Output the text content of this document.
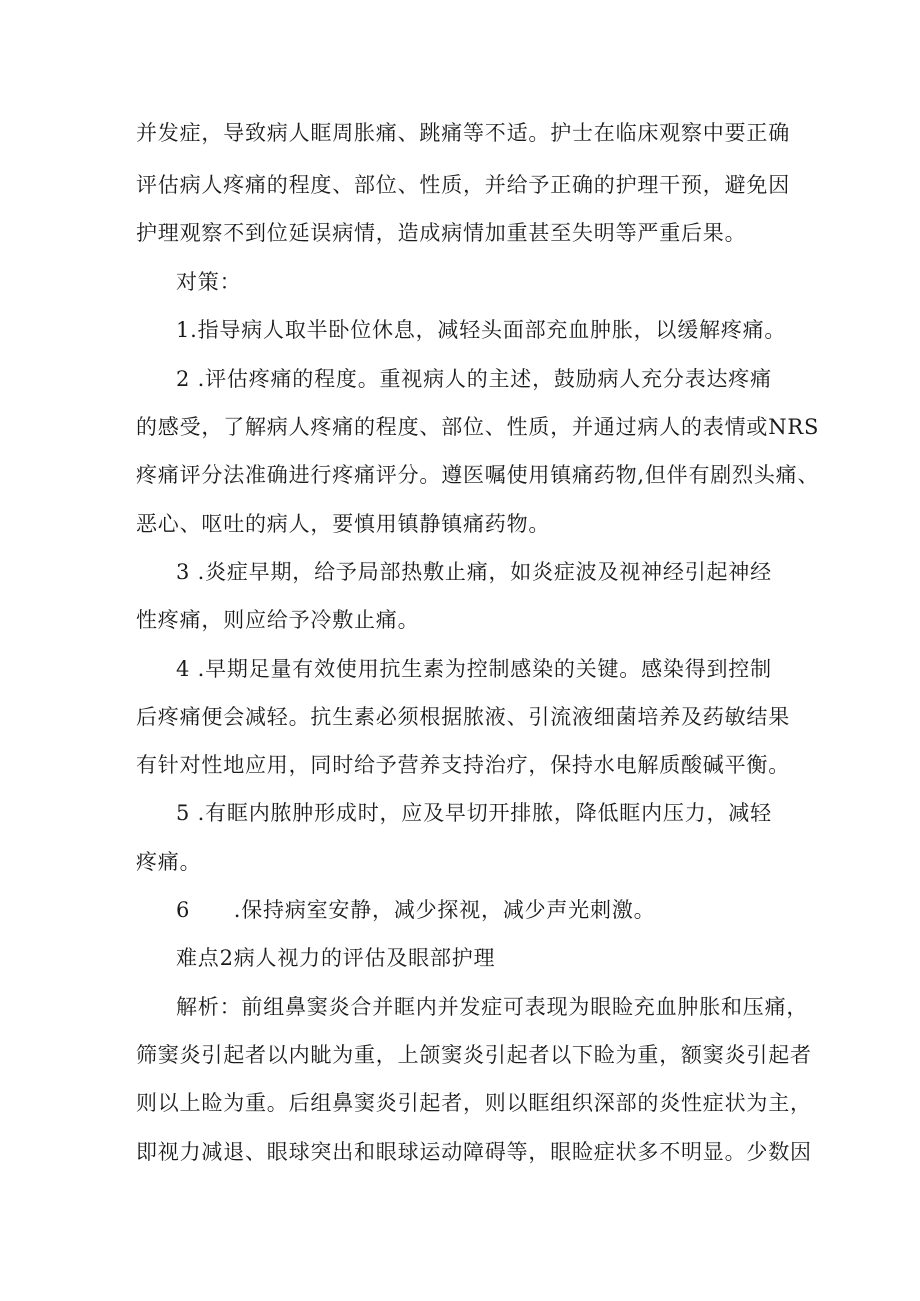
并发症，导致病人眶周胀痛、跳痛等不适。护士在临床观察中要正确
评估病人疼痛的程度、部位、性质，并给予正确的护理干预，避免因
护理观察不到位延误病情，造成病情加重甚至失明等严重后果。
对策：
1.指导病人取半卧位休息，减轻头面部充血肿胀，以缓解疼痛。
2 .评估疼痛的程度。重视病人的主述，鼓励病人充分表达疼痛
的感受，了解病人疼痛的程度、部位、性质，并通过病人的表情或NRS
疼痛评分法准确进行疼痛评分。遵医嘱使用镇痛药物,但伴有剧烈头痛、
恶心、呕吐的病人，要慎用镇静镇痛药物。
3 .炎症早期，给予局部热敷止痛，如炎症波及视神经引起神经
性疼痛，则应给予冷敷止痛。
4 .早期足量有效使用抗生素为控制感染的关键。感染得到控制
后疼痛便会减轻。抗生素必须根据脓液、引流液细菌培养及药敏结果
有针对性地应用，同时给予营养支持治疗，保持水电解质酸碱平衡。
5 .有眶内脓肿形成时，应及早切开排脓，降低眶内压力，减轻
疼痛。
6　　.保持病室安静，减少探视，减少声光刺激。
难点2病人视力的评估及眼部护理
解析：前组鼻窦炎合并眶内并发症可表现为眼睑充血肿胀和压痛，
筛窦炎引起者以内眦为重，上颌窦炎引起者以下睑为重，额窦炎引起者
则以上睑为重。后组鼻窦炎引起者，则以眶组织深部的炎性症状为主，
即视力减退、眼球突出和眼球运动障碍等，眼睑症状多不明显。少数因
